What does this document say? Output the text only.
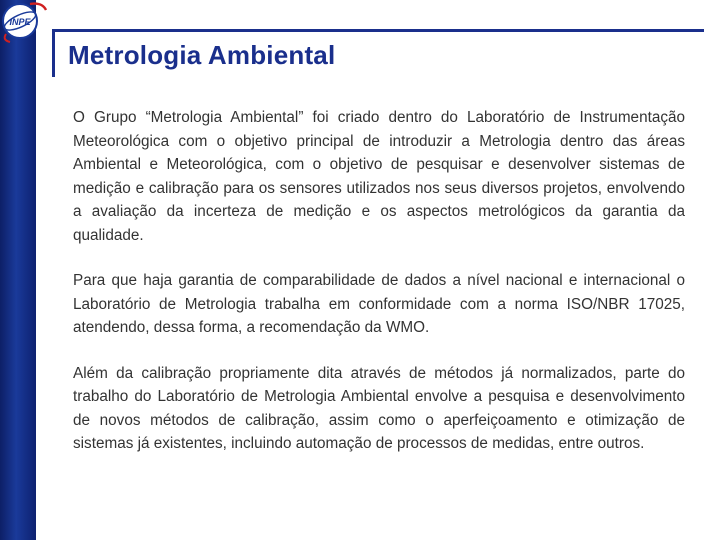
INPE
Metrologia Ambiental

O Grupo “Metrologia Ambiental” foi criado dentro do Laboratório de Instrumentação Meteorológica com o objetivo principal de introduzir a Metrologia dentro das áreas Ambiental e Meteorológica, com o objetivo de pesquisar e desenvolver sistemas de medição e calibração para os sensores utilizados nos seus diversos projetos, envolvendo a avaliação da incerteza de medição e os aspectos metrológicos da garantia da qualidade.

Para que haja garantia de comparabilidade de dados a nível nacional e internacional o Laboratório de Metrologia trabalha em conformidade com a norma ISO/NBR 17025, atendendo, dessa forma, a recomendação da WMO.

Além da calibração propriamente dita através de métodos já normalizados, parte do trabalho do Laboratório de Metrologia Ambiental envolve a pesquisa e desenvolvimento de novos métodos de calibração, assim como o aperfeiçoamento e otimização de sistemas já existentes, incluindo automação de processos de medidas, entre outros.
